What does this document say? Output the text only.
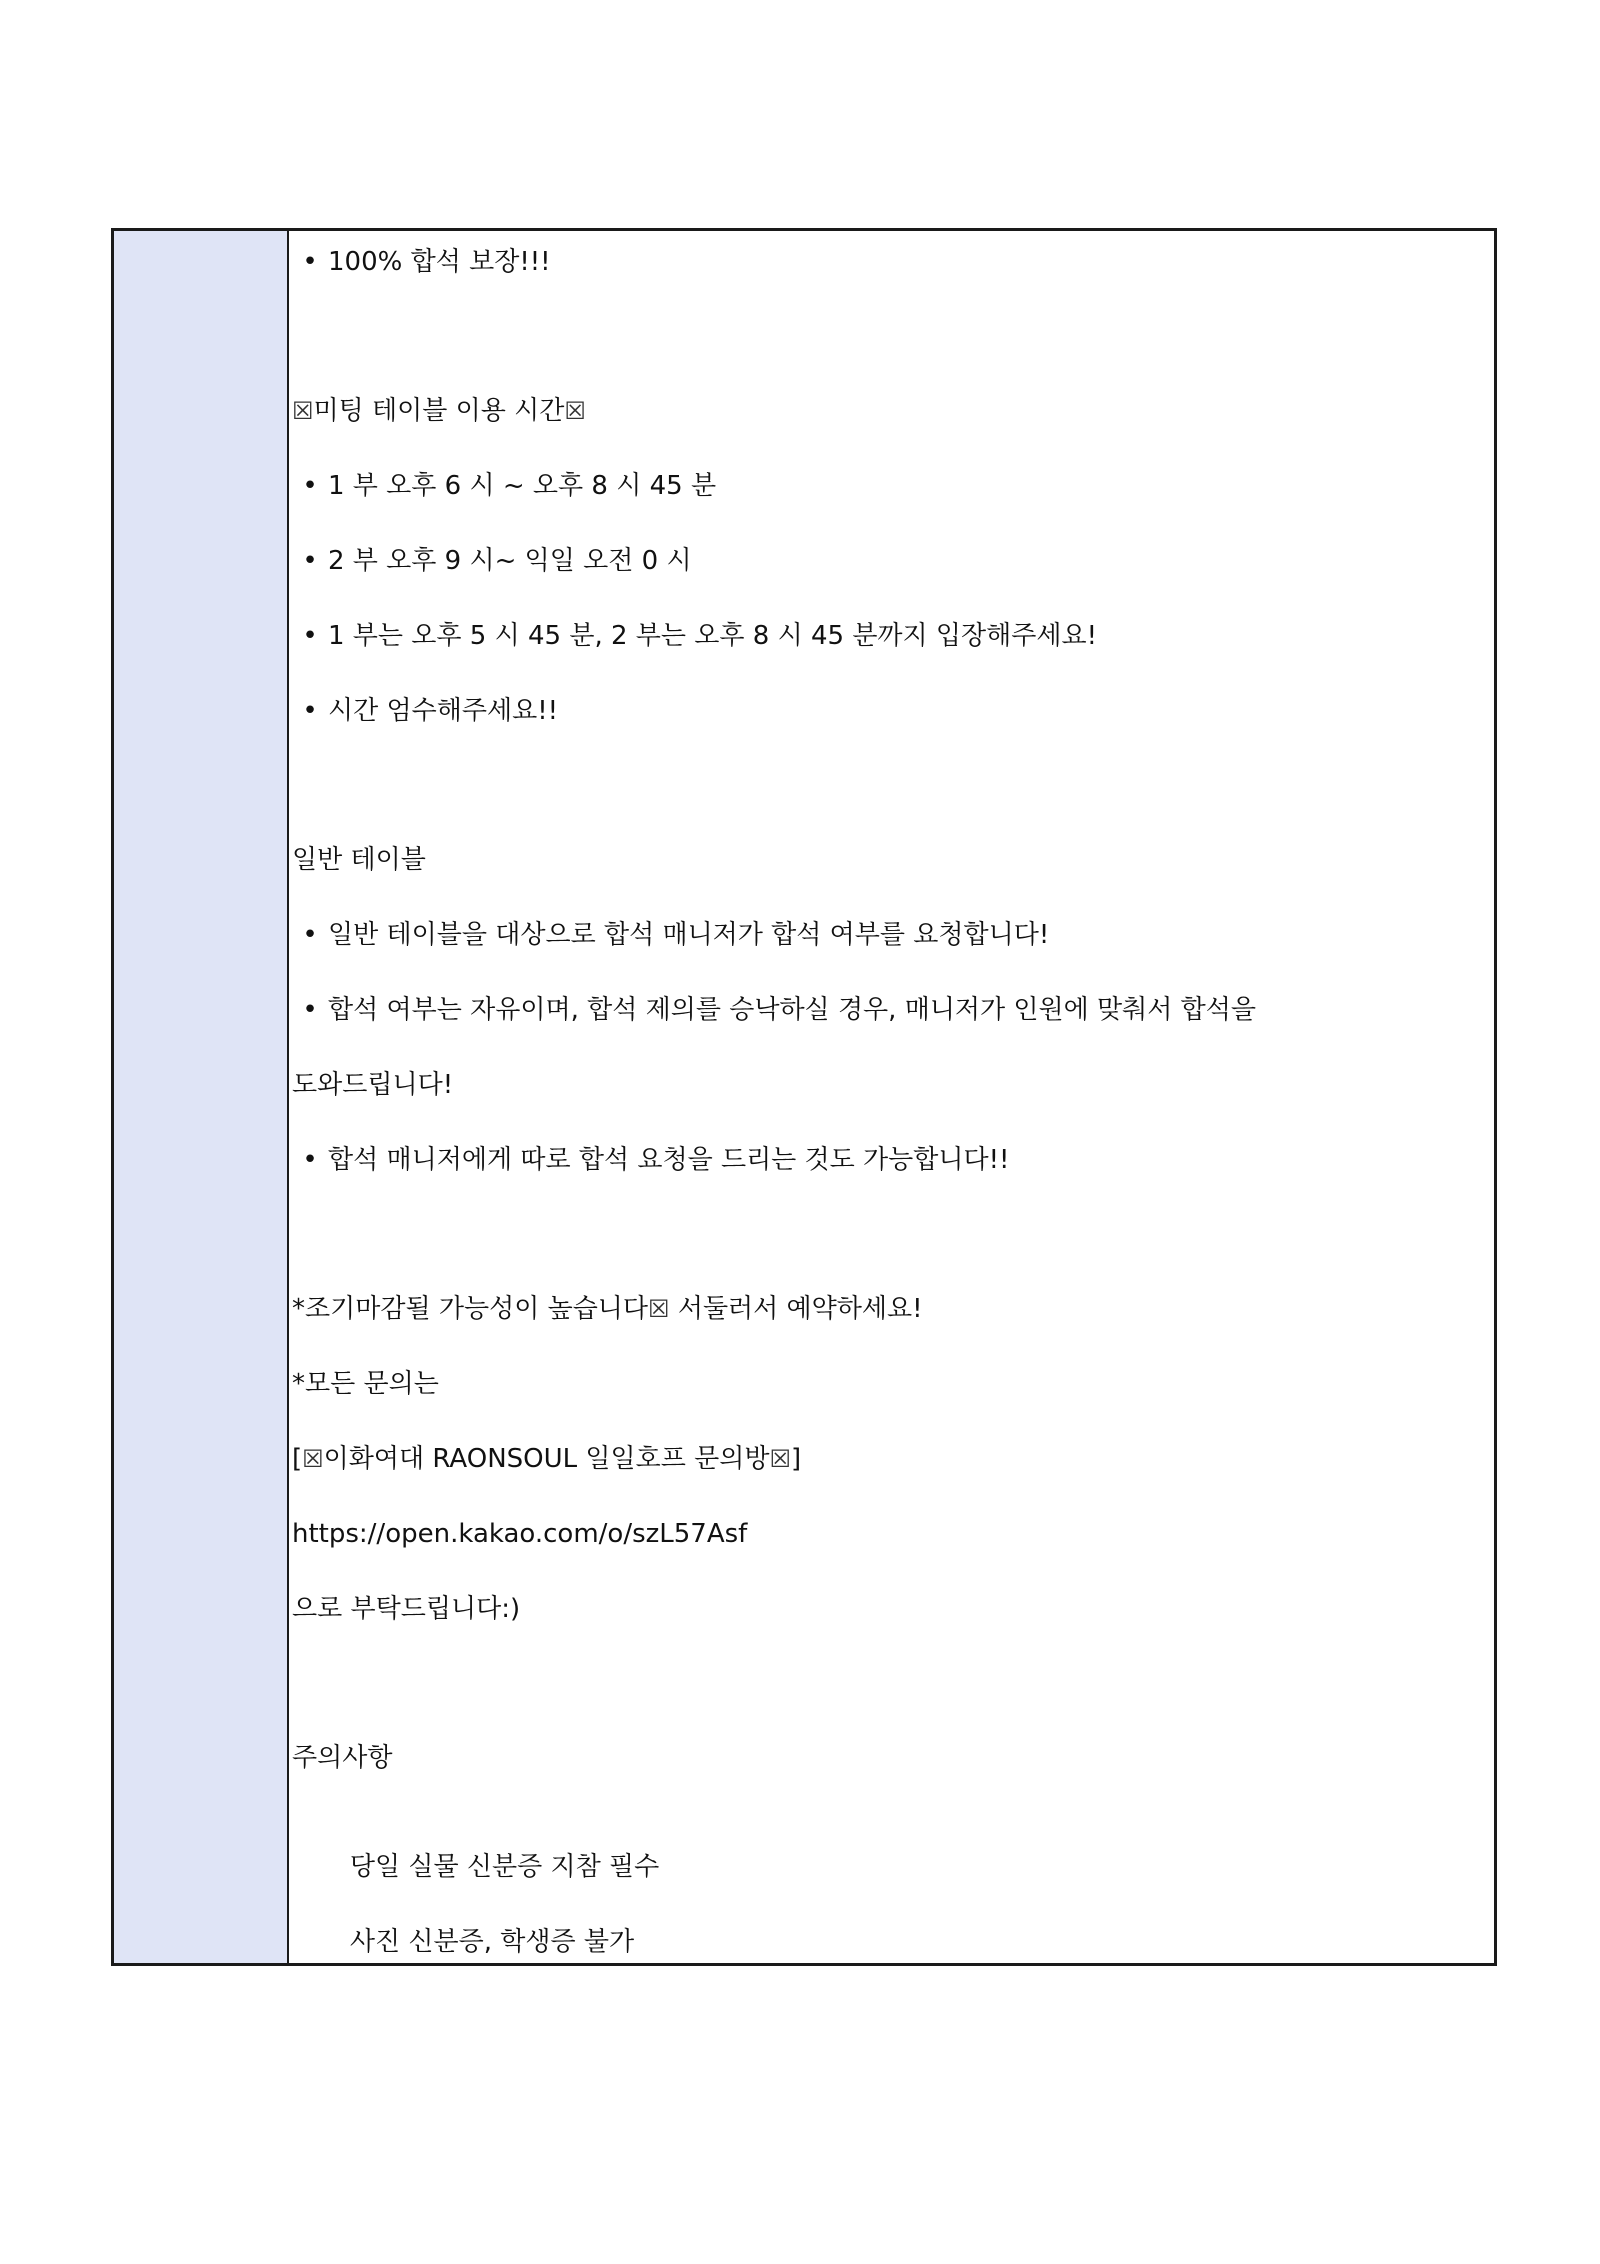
• 100% 합석 보장!!!
☒미팅 테이블 이용 시간☒
• 1 부 오후 6 시 ~ 오후 8 시 45 분
• 2 부 오후 9 시~ 익일 오전 0 시
• 1 부는 오후 5 시 45 분, 2 부는 오후 8 시 45 분까지 입장해주세요!
• 시간 엄수해주세요!!
일반 테이블
• 일반 테이블을 대상으로 합석 매니저가 합석 여부를 요청합니다!
• 합석 여부는 자유이며, 합석 제의를 승낙하실 경우, 매니저가 인원에 맞춰서 합석을
도와드립니다!
• 합석 매니저에게 따로 합석 요청을 드리는 것도 가능합니다!!
*조기마감될 가능성이 높습니다☒ 서둘러서 예약하세요!
*모든 문의는
[☒이화여대 RAONSOUL 일일호프 문의방☒]
https://open.kakao.com/o/szL57Asf
으로 부탁드립니다:)
주의사항

당일 실물 신분증 지참 필수

사진 신분증, 학생증 불가
